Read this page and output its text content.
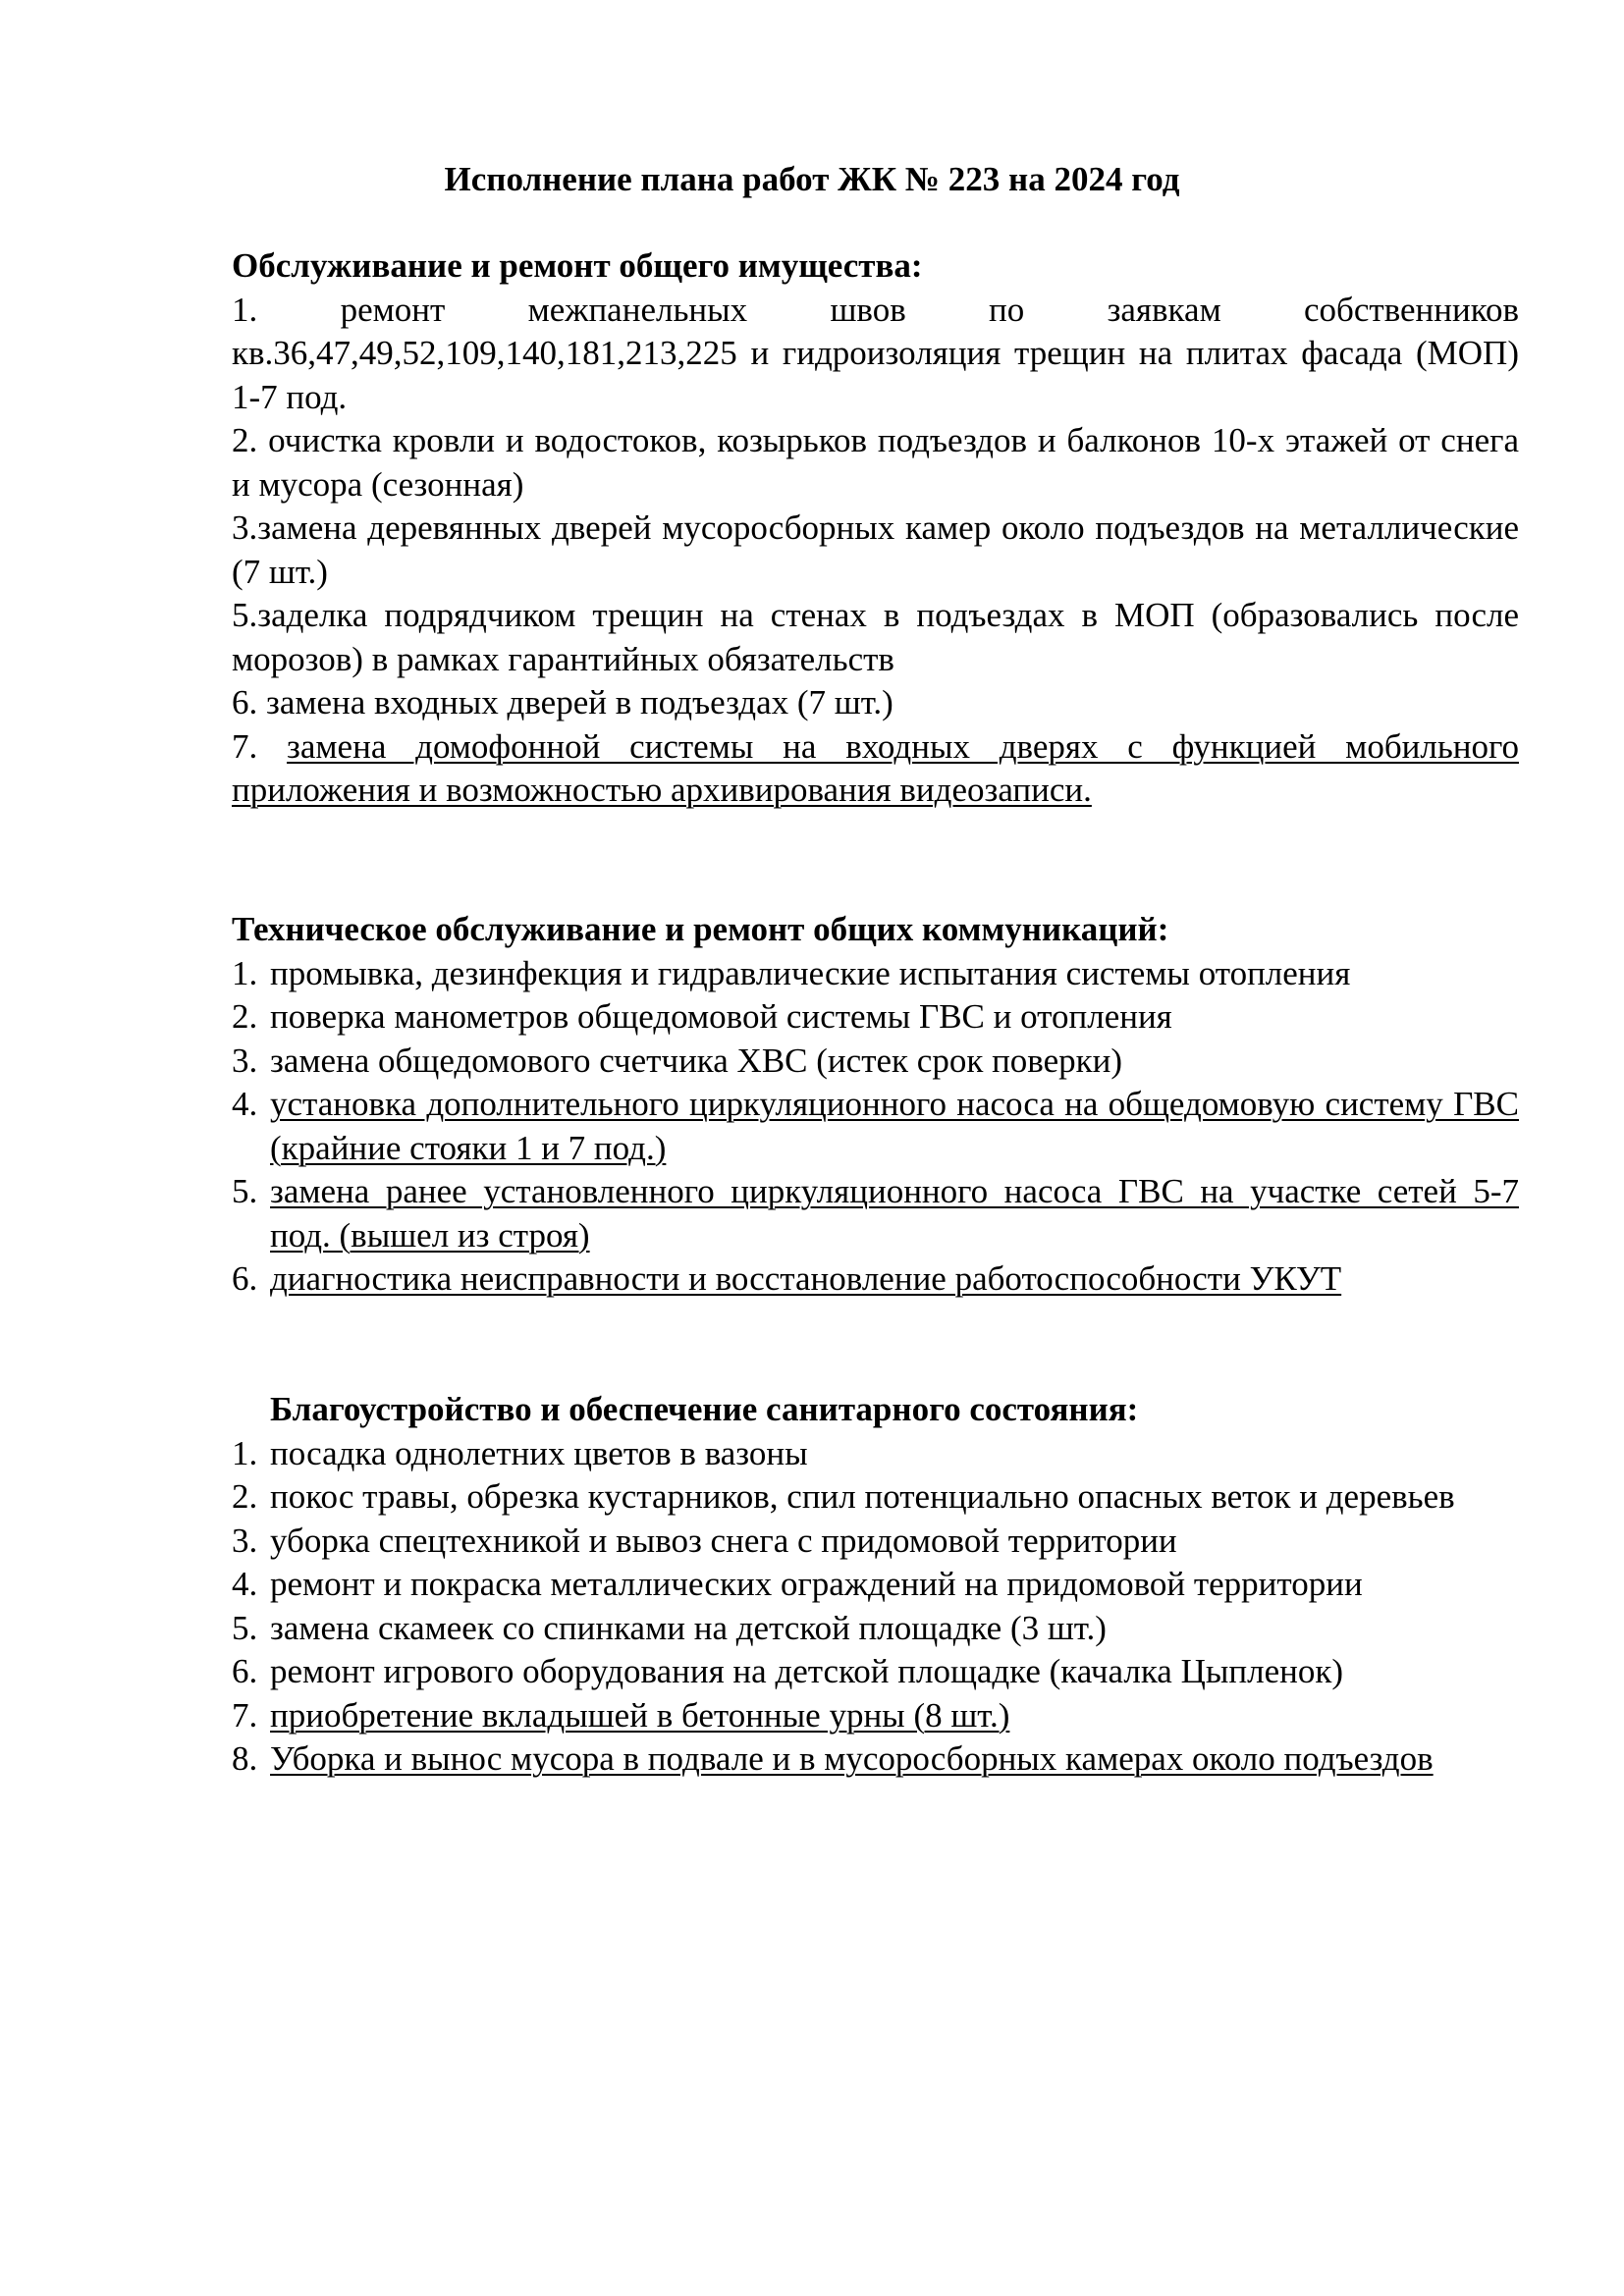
Исполнение плана работ ЖК № 223 на 2024 год
Обслуживание и ремонт общего имущества:

1. ремонт межпанельных швов по заявкам собственников
кв.36,47,49,52,109,140,181,213,225 и гидроизоляция трещин на плитах фасада (МОП) 1-7 под.

2. очистка кровли и водостоков, козырьков подъездов и балконов 10-х этажей от снега и мусора (сезонная)

3.замена деревянных дверей мусоросборных камер около подъездов на металлические (7 шт.)

5.заделка подрядчиком трещин на стенах в подъездах в МОП (образовались после морозов) в рамках гарантийных обязательств

6. замена входных дверей в подъездах (7 шт.)

7. замена домофонной системы на входных дверях с функцией мобильного приложения и возможностью архивирования видеозаписи.

Техническое обслуживание и ремонт общих коммуникаций:
1. промывка, дезинфекция и гидравлические испытания системы отопления
2. поверка манометров общедомовой системы ГВС и отопления
3. замена общедомового счетчика ХВС (истек срок поверки)
4. установка дополнительного циркуляционного насоса на общедомовую систему ГВС (крайние стояки 1 и 7 под.)
5. замена ранее установленного циркуляционного насоса ГВС на участке сетей 5-7 под. (вышел из строя)
6. диагностика неисправности и восстановление работоспособности УКУТ
Благоустройство и обеспечение санитарного состояния:
1. посадка однолетних цветов в вазоны
2. покос травы, обрезка кустарников, спил потенциально опасных веток и деревьев
3. уборка спецтехникой и вывоз снега с придомовой территории
4. ремонт и покраска металлических ограждений на придомовой территории
5. замена скамеек со спинками на детской площадке (3 шт.)
6. ремонт игрового оборудования на детской площадке (качалка Цыпленок)
7. приобретение вкладышей в бетонные урны (8 шт.)
8. Уборка и вынос мусора в подвале и в мусоросборных камерах около подъездов
